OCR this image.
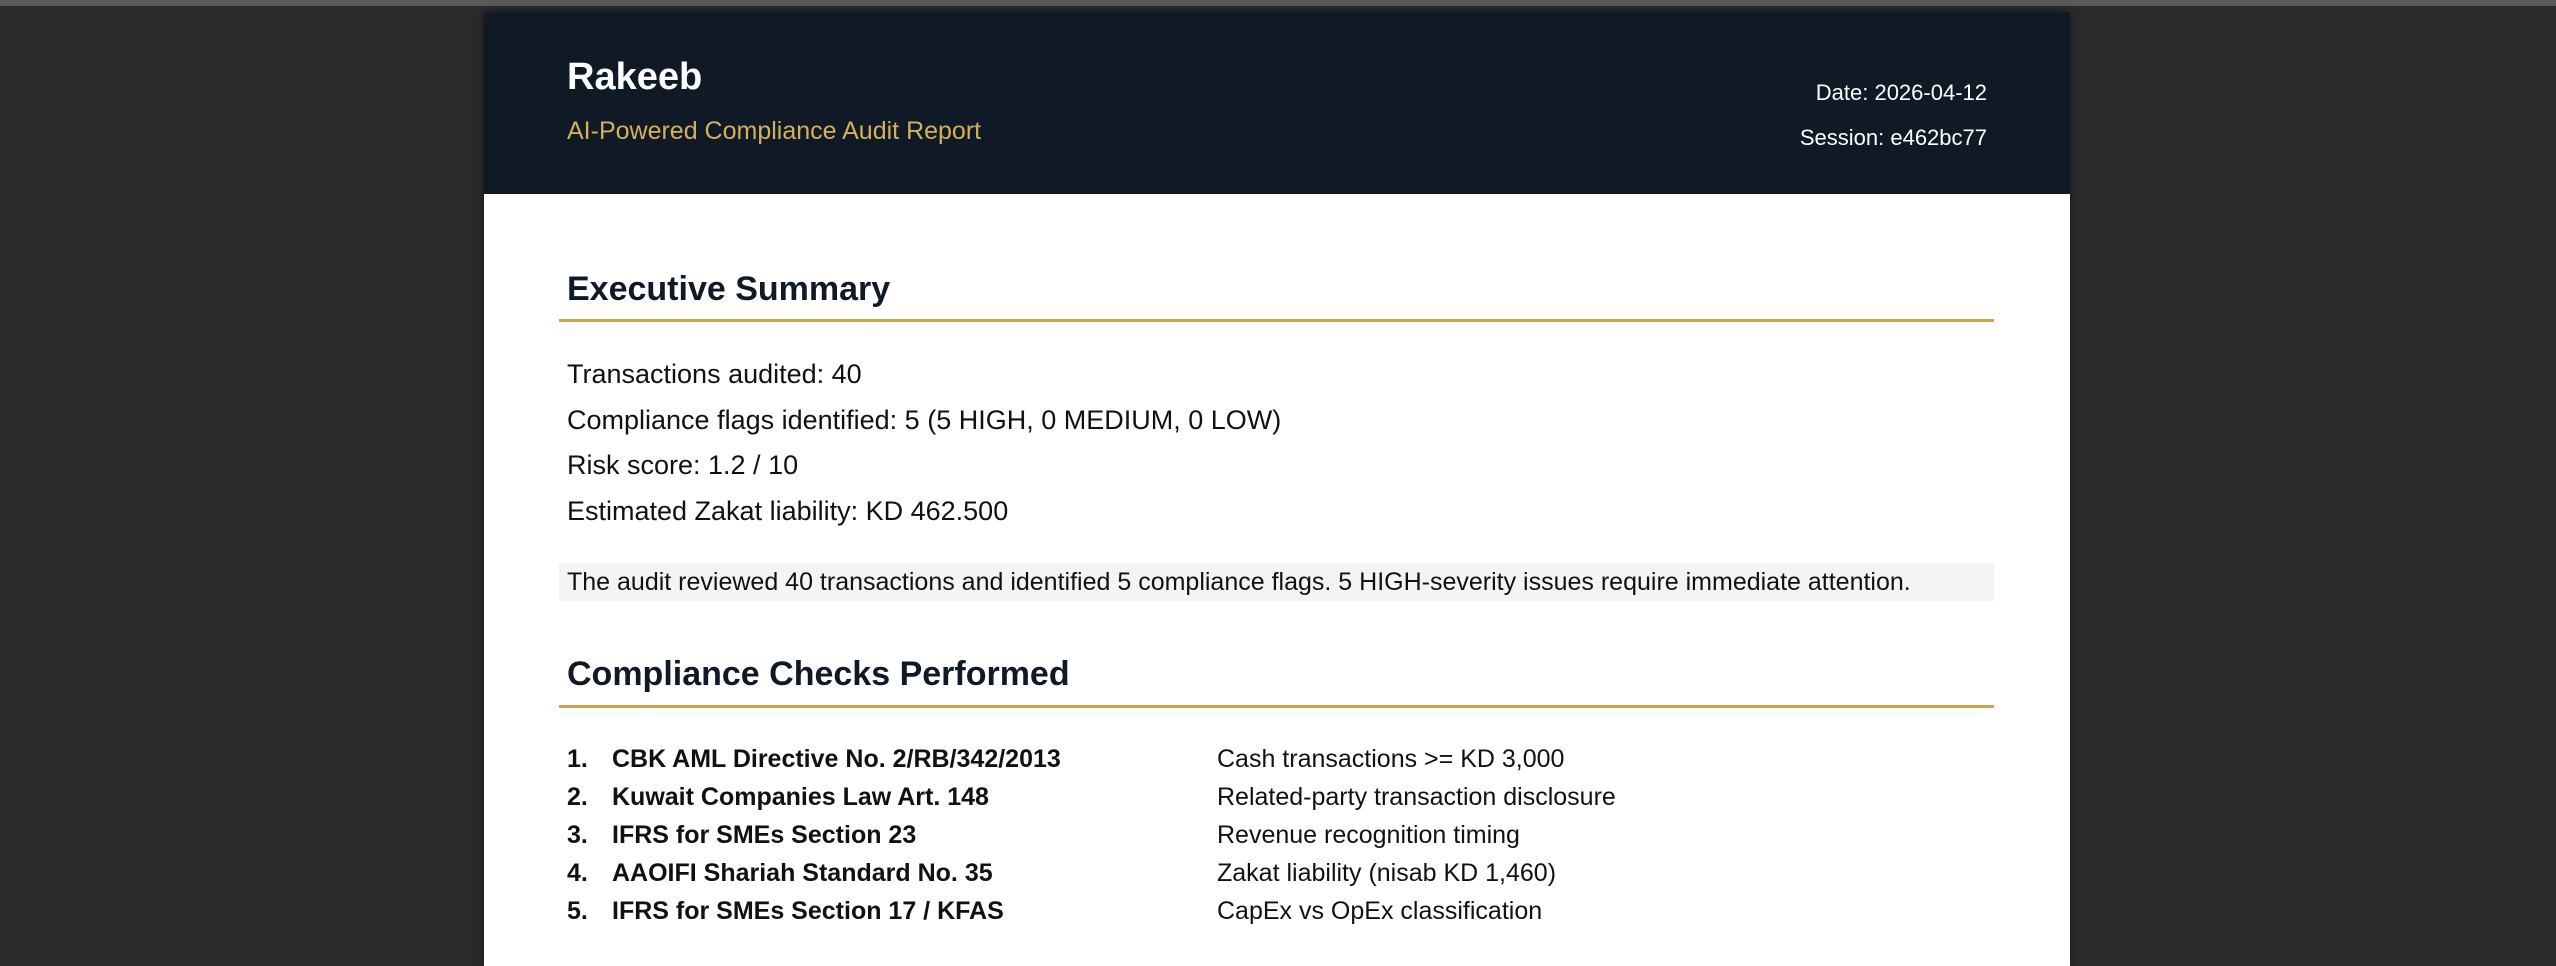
Rakeeb
AI-Powered Compliance Audit Report
Date: 2026-04-12
Session: e462bc77
Executive Summary
Transactions audited: 40
Compliance flags identified: 5 (5 HIGH, 0 MEDIUM, 0 LOW)
Risk score: 1.2 / 10
Estimated Zakat liability: KD 462.500
The audit reviewed 40 transactions and identified 5 compliance flags. 5 HIGH-severity issues require immediate attention.
Compliance Checks Performed
1. CBK AML Directive No. 2/RB/342/2013	Cash transactions >= KD 3,000
2. Kuwait Companies Law Art. 148	Related-party transaction disclosure
3. IFRS for SMEs Section 23	Revenue recognition timing
4. AAOIFI Shariah Standard No. 35	Zakat liability (nisab KD 1,460)
5. IFRS for SMEs Section 17 / KFAS	CapEx vs OpEx classification
